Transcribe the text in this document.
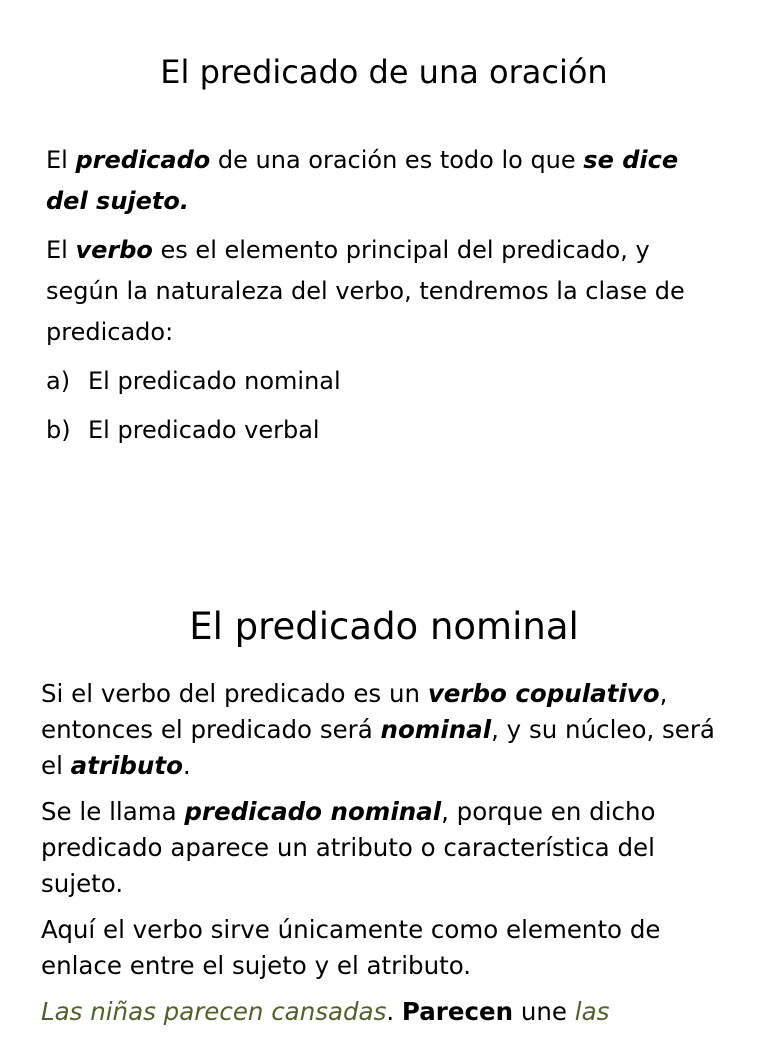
El predicado de una oración

El predicado de una oración es todo lo que se dice del sujeto.

El verbo es el elemento principal del predicado, y según la naturaleza del verbo, tendremos la clase de predicado:

a) El predicado nominal
b) El predicado verbal
El predicado nominal

Si el verbo del predicado es un verbo copulativo, entonces el predicado será nominal, y su núcleo, será el atributo.

Se le llama predicado nominal, porque en dicho predicado aparece un atributo o característica del sujeto.

Aquí el verbo sirve únicamente como elemento de enlace entre el sujeto y el atributo.

Las niñas parecen cansadas. Parecen une las
